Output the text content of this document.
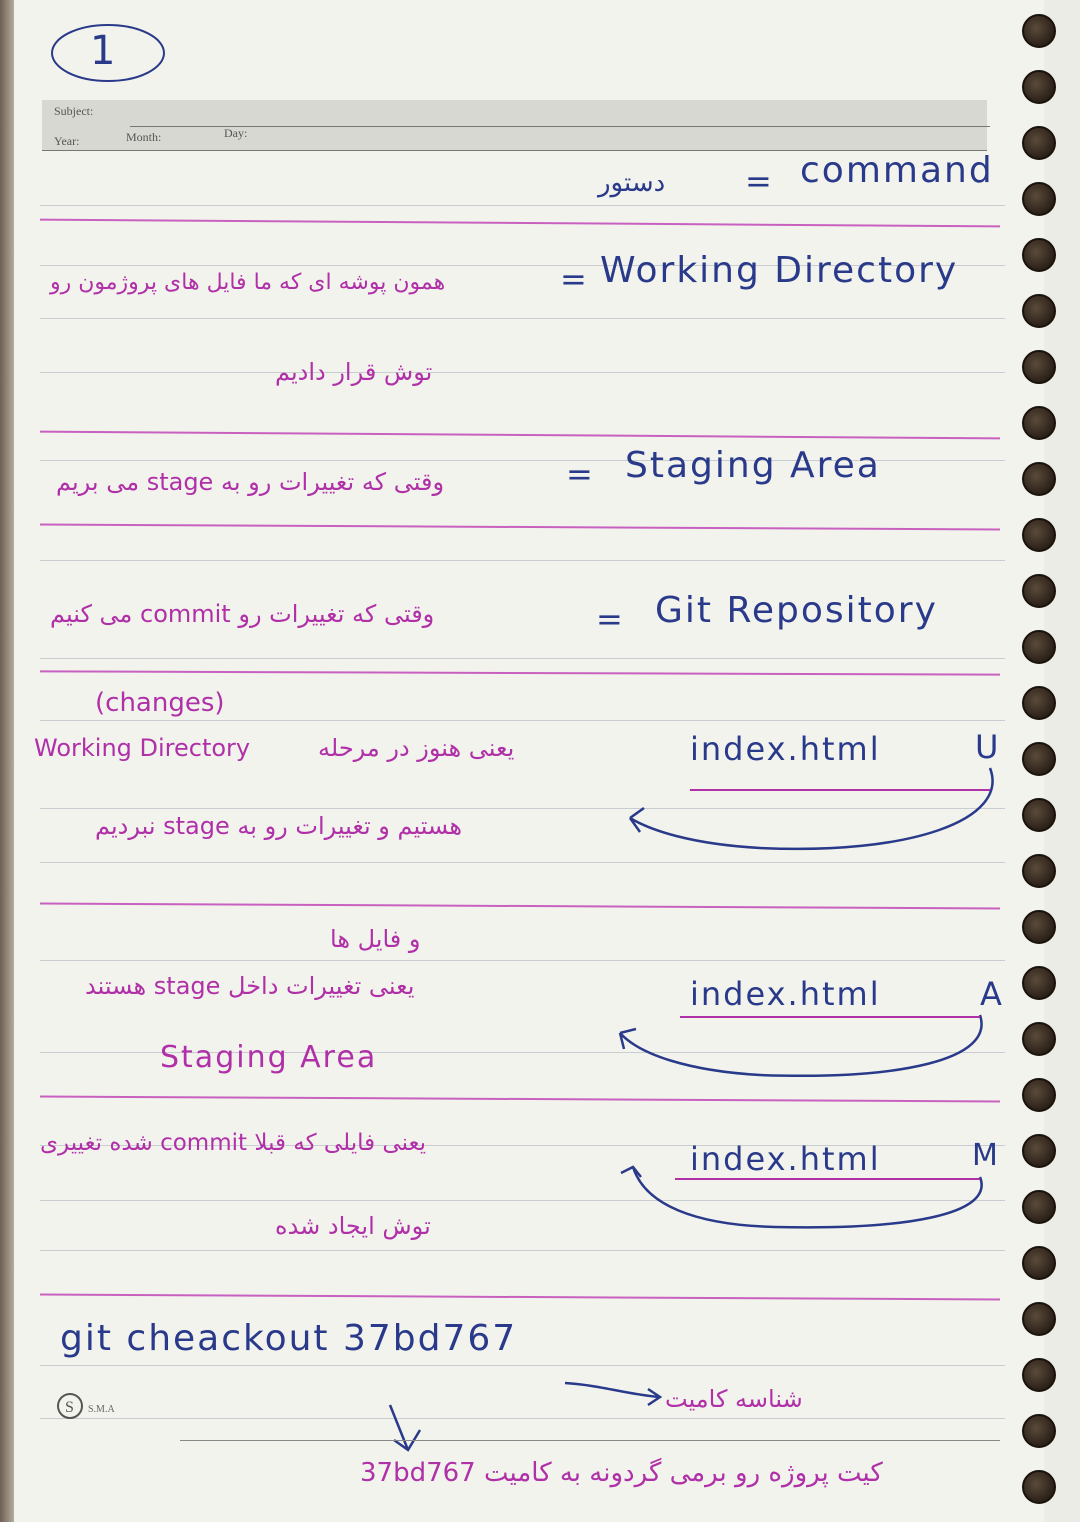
1
Subject:
Year:	Month:	Day:
command
=
دستور
Working Directory
=
همون پوشه ای که ما فایل های پروژمون رو
توش قرار دادیم
Staging Area
=
وقتی که تغییرات رو به stage می بریم
Git Repository
=
وقتی که تغییرات رو commit می کنیم
(changes)
Working Directory	یعنی هنوز در مرحله
هستیم و تغییرات رو به stage نبردیم
index.html	U
و فایل ها
یعنی تغییرات داخل stage هستند
Staging Area
index.html	A
یعنی فایلی که قبلا commit شده تغییری
توش ایجاد شده
index.html	M
git cheackout 37bd767
شناسه کامیت
کیت پروژه رو برمی گردونه به کامیت 37bd767
S S.M.A
